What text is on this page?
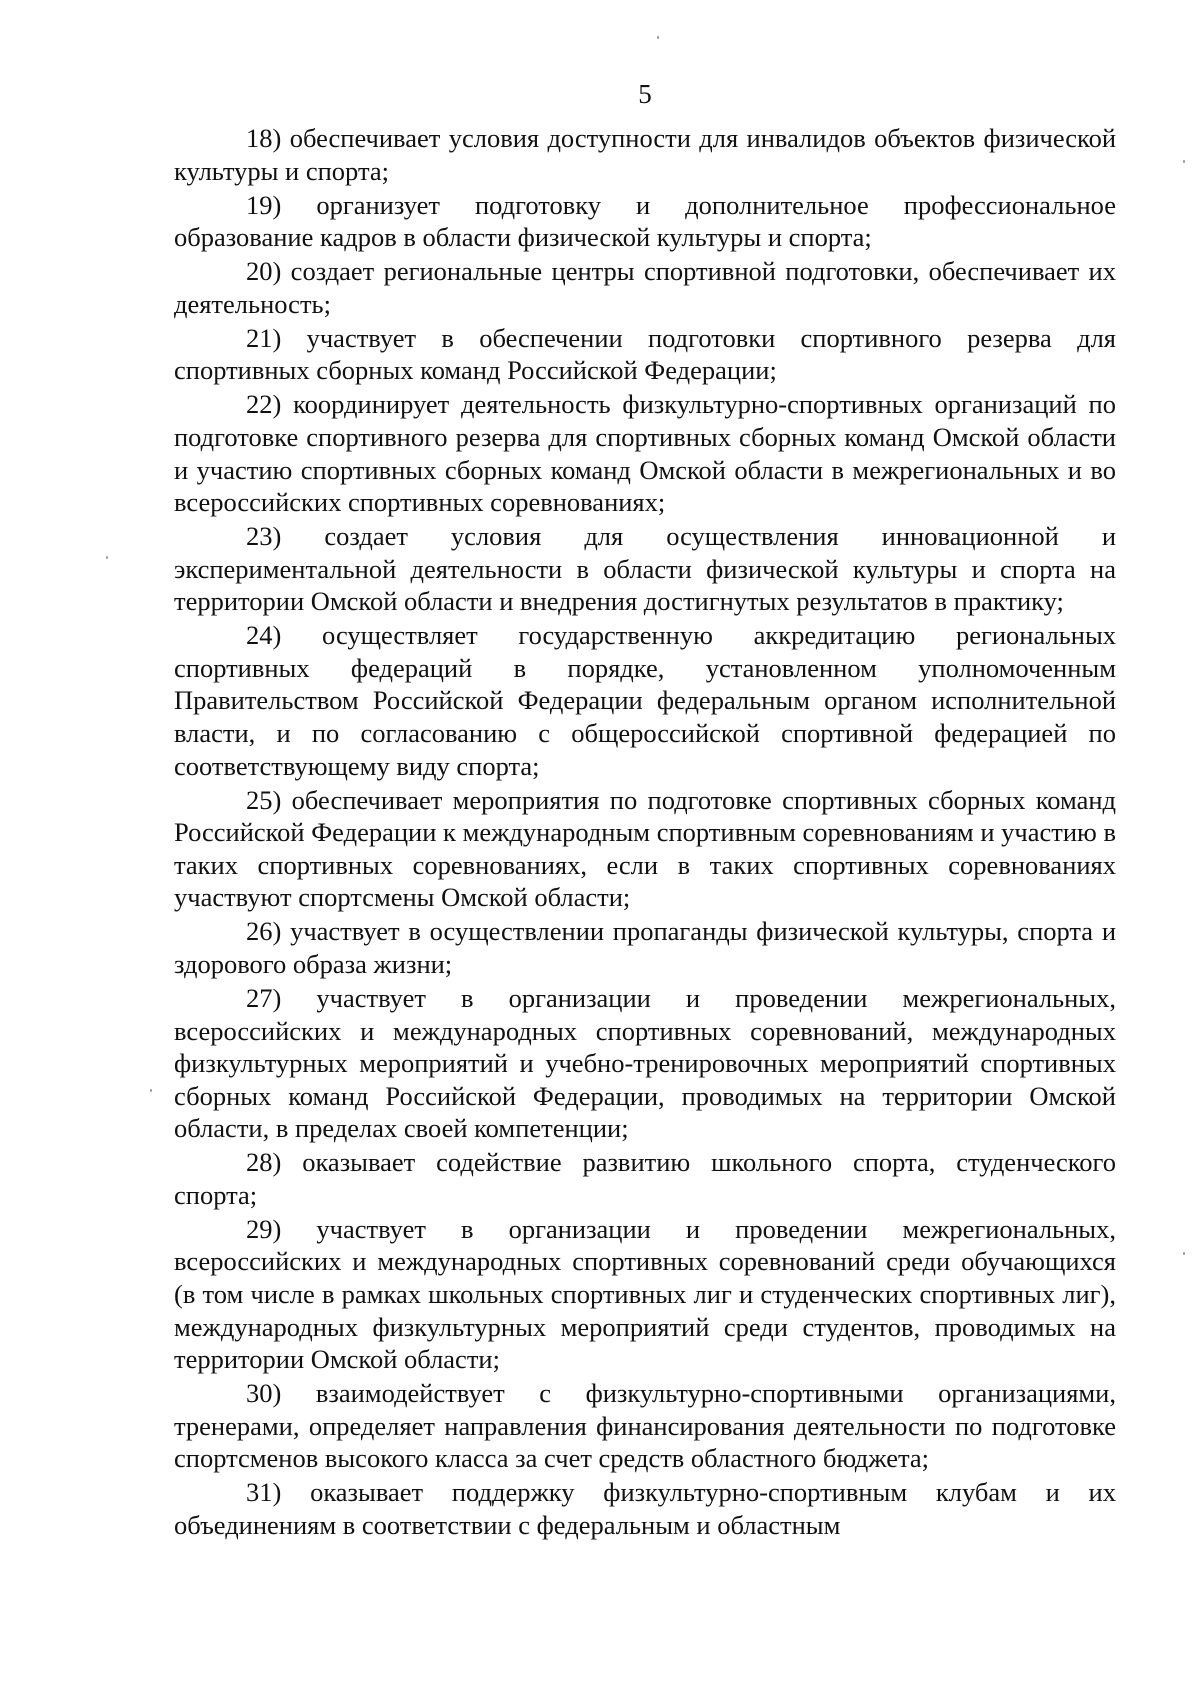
5

18) обеспечивает условия доступности для инвалидов объектов физической культуры и спорта;

19) организует подготовку и дополнительное профессиональное образование кадров в области физической культуры и спорта;

20) создает региональные центры спортивной подготовки, обеспечивает их деятельность;

21) участвует в обеспечении подготовки спортивного резерва для спортивных сборных команд Российской Федерации;

22) координирует деятельность физкультурно-спортивных организаций по подготовке спортивного резерва для спортивных сборных команд Омской области и участию спортивных сборных команд Омской области в межрегиональных и во всероссийских спортивных соревнованиях;

23) создает условия для осуществления инновационной и экспериментальной деятельности в области физической культуры и спорта на территории Омской области и внедрения достигнутых результатов в практику;

24) осуществляет государственную аккредитацию региональных спортивных федераций в порядке, установленном уполномоченным Правительством Российской Федерации федеральным органом исполнительной власти, и по согласованию с общероссийской спортивной федерацией по соответствующему виду спорта;

25) обеспечивает мероприятия по подготовке спортивных сборных команд Российской Федерации к международным спортивным соревнованиям и участию в таких спортивных соревнованиях, если в таких спортивных соревнованиях участвуют спортсмены Омской области;

26) участвует в осуществлении пропаганды физической культуры, спорта и здорового образа жизни;

27) участвует в организации и проведении межрегиональных, всероссийских и международных спортивных соревнований, международных физкультурных мероприятий и учебно-тренировочных мероприятий спортивных сборных команд Российской Федерации, проводимых на территории Омской области, в пределах своей компетенции;

28) оказывает содействие развитию школьного спорта, студенческого спорта;

29) участвует в организации и проведении межрегиональных, всероссийских и международных спортивных соревнований среди обучающихся (в том числе в рамках школьных спортивных лиг и студенческих спортивных лиг), международных физкультурных мероприятий среди студентов, проводимых на территории Омской области;

30) взаимодействует с физкультурно-спортивными организациями, тренерами, определяет направления финансирования деятельности по подготовке спортсменов высокого класса за счет средств областного бюджета;

31) оказывает поддержку физкультурно-спортивным клубам и их объединениям в соответствии с федеральным и областным
